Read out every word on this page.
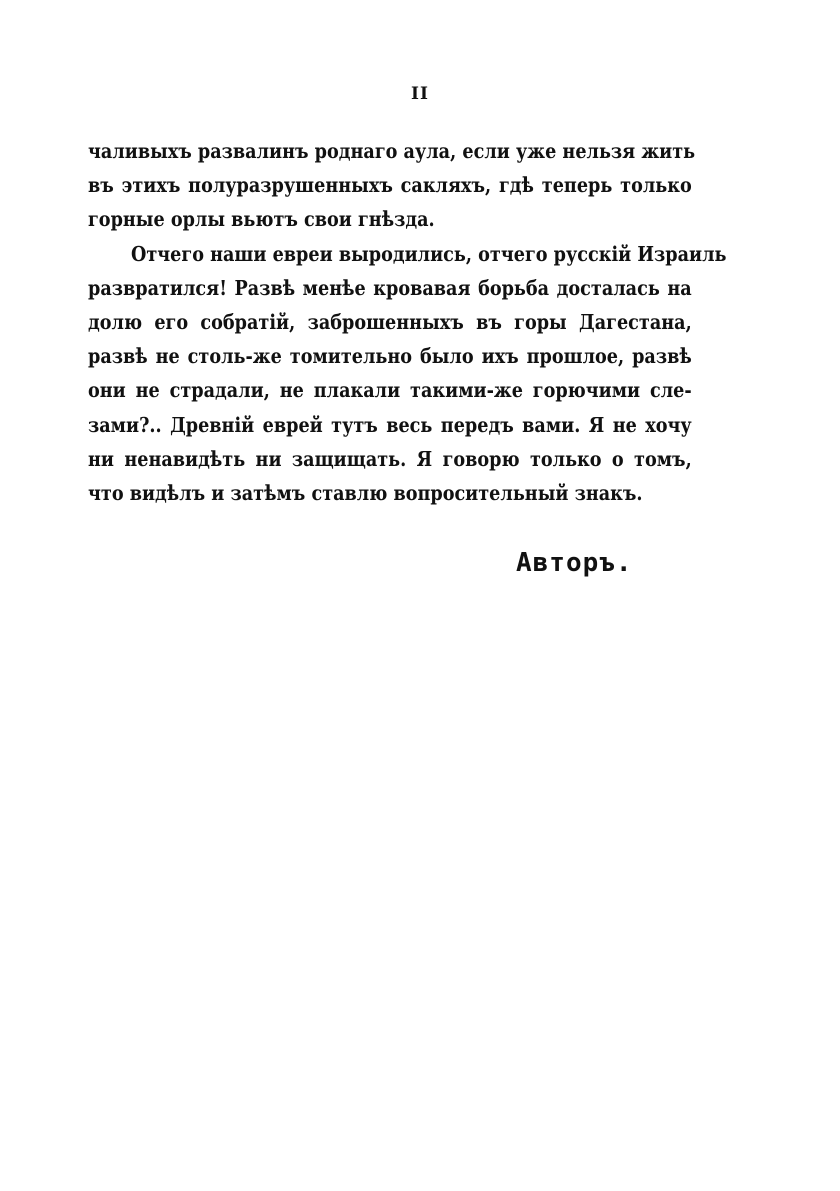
II
чаливыхъ развалинъ роднаго аула, если уже нельзя жить
въ этихъ полуразрушенныхъ сакляхъ, гдѣ теперь только
горные орлы вьютъ свои гнѣзда.
Отчего наши евреи выродились, отчего русскій Израиль
развратился! Развѣ менѣе кровавая борьба досталась на
долю его собратій, заброшенныхъ въ горы Дагестана,
развѣ не столь-же томительно было ихъ прошлое, развѣ
они не страдали, не плакали такими-же горючими сле-
зами?.. Древній еврей тутъ весь передъ вами. Я не хочу
ни ненавидѣть ни защищать. Я говорю только о томъ,
что видѣлъ и затѣмъ ставлю вопросительный знакъ.
Авторъ.
